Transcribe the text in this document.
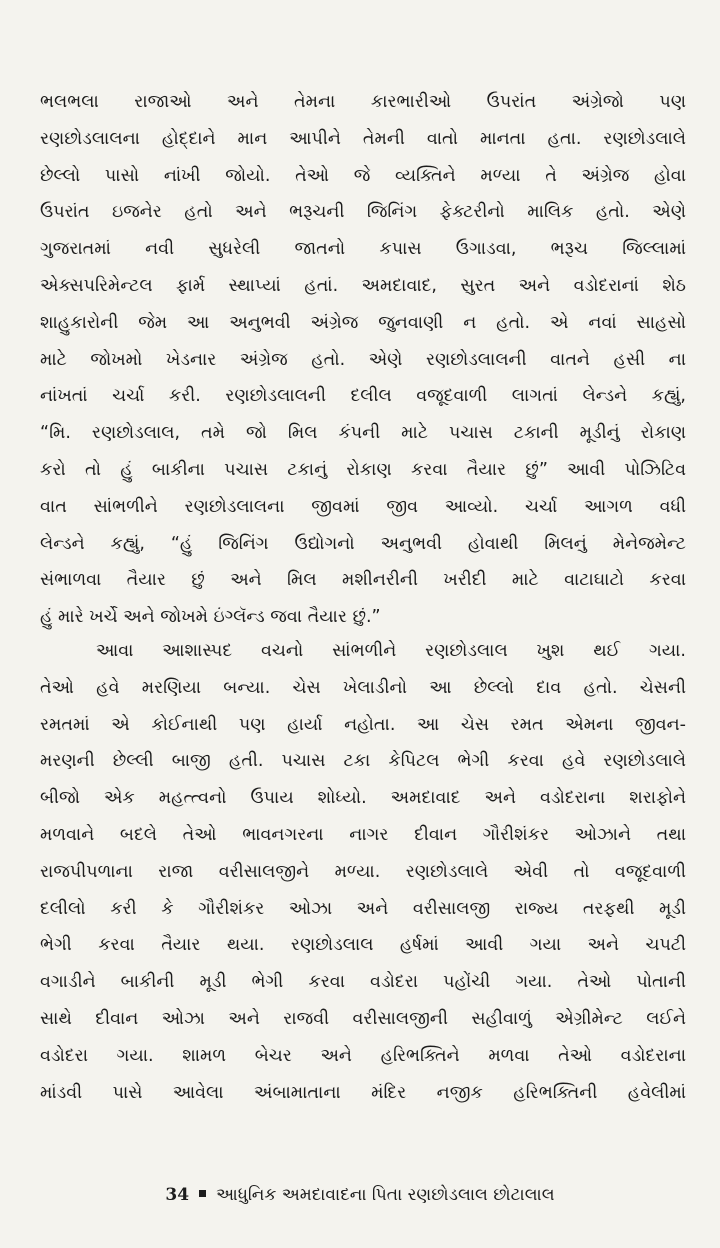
ભલભલા રાજાઓ અને તેમના કારભારીઓ ઉપરાંત અંગ્રેજો પણ
રણછોડલાલના હોદ્દાને માન આપીને તેમની વાતો માનતા હતા. રણછોડલાલે
છેલ્લો પાસો નાંખી જોયો. તેઓ જે વ્યક્તિને મળ્યા તે અંગ્રેજ હોવા
ઉપરાંત ઇજનેર હતો અને ભરૂચની જિનિંગ ફેક્ટરીનો માલિક હતો. એણે
ગુજરાતમાં નવી સુધરેલી જાતનો કપાસ ઉગાડવા, ભરૂચ જિલ્લામાં
એક્સપરિમેન્ટલ ફાર્મ સ્થાપ્યાં હતાં. અમદાવાદ, સુરત અને વડોદરાનાં શેઠ
શાહુકારોની જેમ આ અનુભવી અંગ્રેજ જુનવાણી ન હતો. એ નવાં સાહસો
માટે જોખમો ખેડનાર અંગ્રેજ હતો. એણે રણછોડલાલની વાતને હસી ના
નાંખતાં ચર્ચા કરી. રણછોડલાલની દલીલ વજૂદવાળી લાગતાં લેન્ડને કહ્યું,
“મિ. રણછોડલાલ, તમે જો મિલ કંપની માટે પચાસ ટકાની મૂડીનું રોકાણ
કરો તો હું બાકીના પચાસ ટકાનું રોકાણ કરવા તૈયાર છું” આવી પોઝિટિવ
વાત સાંભળીને રણછોડલાલના જીવમાં જીવ આવ્યો. ચર્ચા આગળ વધી
લેન્ડને કહ્યું, “હું જિનિંગ ઉદ્યોગનો અનુભવી હોવાથી મિલનું મેનેજમેન્ટ
સંભાળવા તૈયાર છું અને મિલ મશીનરીની ખરીદી માટે વાટાઘાટો કરવા
હું મારે ખર્ચે અને જોખમે ઇંગ્લૅન્ડ જવા તૈયાર છું.”
આવા આશાસ્પદ વચનો સાંભળીને રણછોડલાલ ખુશ થઈ ગયા.
તેઓ હવે મરણિયા બન્યા. ચેસ ખેલાડીનો આ છેલ્લો દાવ હતો. ચેસની
રમતમાં એ કોઈનાથી પણ હાર્યા નહોતા. આ ચેસ રમત એમના જીવન-
મરણની છેલ્લી બાજી હતી. પચાસ ટકા કેપિટલ ભેગી કરવા હવે રણછોડલાલે
બીજો એક મહત્ત્વનો ઉપાય શોધ્યો. અમદાવાદ અને વડોદરાના શરાફોને
મળવાને બદલે તેઓ ભાવનગરના નાગર દીવાન ગૌરીશંકર ઓઝાને તથા
રાજપીપળાના રાજા વરીસાલજીને મળ્યા. રણછોડલાલે એવી તો વજૂદવાળી
દલીલો કરી કે ગૌરીશંકર ઓઝા અને વરીસાલજી રાજ્ય તરફથી મૂડી
ભેગી કરવા તૈયાર થયા. રણછોડલાલ હર્ષમાં આવી ગયા અને ચપટી
વગાડીને બાકીની મૂડી ભેગી કરવા વડોદરા પહોંચી ગયા. તેઓ પોતાની
સાથે દીવાન ઓઝા અને રાજવી વરીસાલજીની સહીવાળું એગ્રીમેન્ટ લઈને
વડોદરા ગયા. શામળ બેચર અને હરિભક્તિને મળવા તેઓ વડોદરાના
માંડવી પાસે આવેલા અંબામાતાના મંદિર નજીક હરિભક્તિની હવેલીમાં
34 આધુનિક અમદાવાદના પિતા રણછોડલાલ છોટાલાલ
